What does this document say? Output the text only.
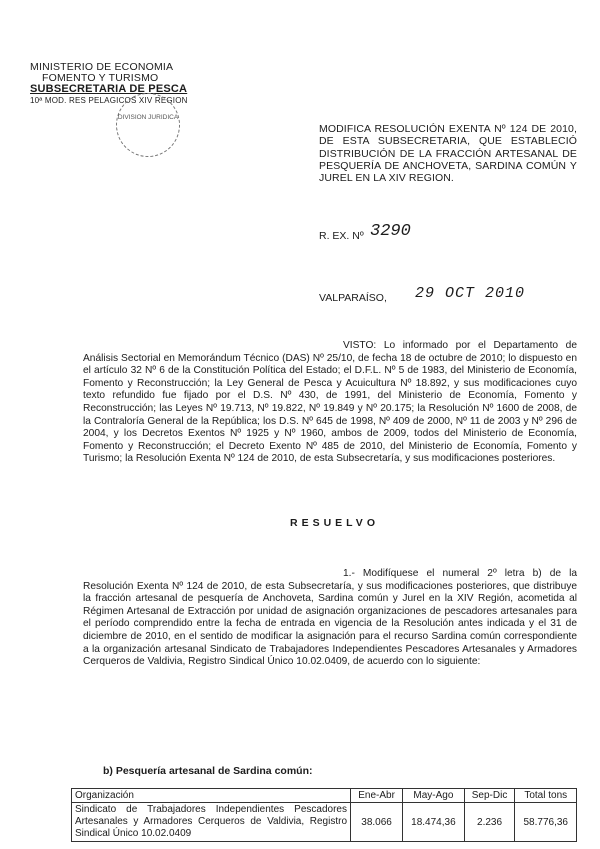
MINISTERIO DE ECONOMIA
FOMENTO Y TURISMO
SUBSECRETARIA DE PESCA
10ª MOD. RES PELAGICOS XIV REGION
DIVISION JURIDICA
MODIFICA RESOLUCIÓN EXENTA Nº 124 DE 2010, DE ESTA SUBSECRETARIA, QUE ESTABLECIÓ DISTRIBUCIÓN DE LA FRACCIÓN ARTESANAL DE PESQUERÍA DE ANCHOVETA, SARDINA COMÚN Y JUREL EN LA XIV REGION.
R. EX. Nº 3290
VALPARAÍSO, 29 OCT 2010
VISTO: Lo informado por el Departamento de Análisis Sectorial en Memorándum Técnico (DAS) Nº 25/10, de fecha 18 de octubre de 2010; lo dispuesto en el artículo 32 Nº 6 de la Constitución Política del Estado; el D.F.L. Nº 5 de 1983, del Ministerio de Economía, Fomento y Reconstrucción; la Ley General de Pesca y Acuicultura Nº 18.892, y sus modificaciones cuyo texto refundido fue fijado por el D.S. Nº 430, de 1991, del Ministerio de Economía, Fomento y Reconstrucción; las Leyes Nº 19.713, Nº 19.822, Nº 19.849 y Nº 20.175; la Resolución Nº 1600 de 2008, de la Contraloría General de la República; los D.S. Nº 645 de 1998, Nº 409 de 2000, Nº 11 de 2003 y Nº 296 de 2004, y los Decretos Exentos Nº 1925 y Nº 1960, ambos de 2009, todos del Ministerio de Economía, Fomento y Reconstrucción; el Decreto Exento Nº 485 de 2010, del Ministerio de Economía, Fomento y Turismo; la Resolución Exenta Nº 124 de 2010, de esta Subsecretaría, y sus modificaciones posteriores.
RESUELVO
1.- Modifíquese el numeral 2º letra b) de la Resolución Exenta Nº 124 de 2010, de esta Subsecretaría, y sus modificaciones posteriores, que distribuye la fracción artesanal de pesquería de Anchoveta, Sardina común y Jurel en la XIV Región, acometida al Régimen Artesanal de Extracción por unidad de asignación organizaciones de pescadores artesanales para el período comprendido entre la fecha de entrada en vigencia de la Resolución antes indicada y el 31 de diciembre de 2010, en el sentido de modificar la asignación para el recurso Sardina común correspondiente a la organización artesanal Sindicato de Trabajadores Independientes Pescadores Artesanales y Armadores Cerqueros de Valdivia, Registro Sindical Único 10.02.0409, de acuerdo con lo siguiente:
b) Pesquería artesanal de Sardina común:
Organización	Ene-Abr	May-Ago	Sep-Dic	Total tons
Sindicato de Trabajadores Independientes Pescadores Artesanales y Armadores Cerqueros de Valdivia, Registro Sindical Único 10.02.0409	38.066	18.474,36	2.236	58.776,36
